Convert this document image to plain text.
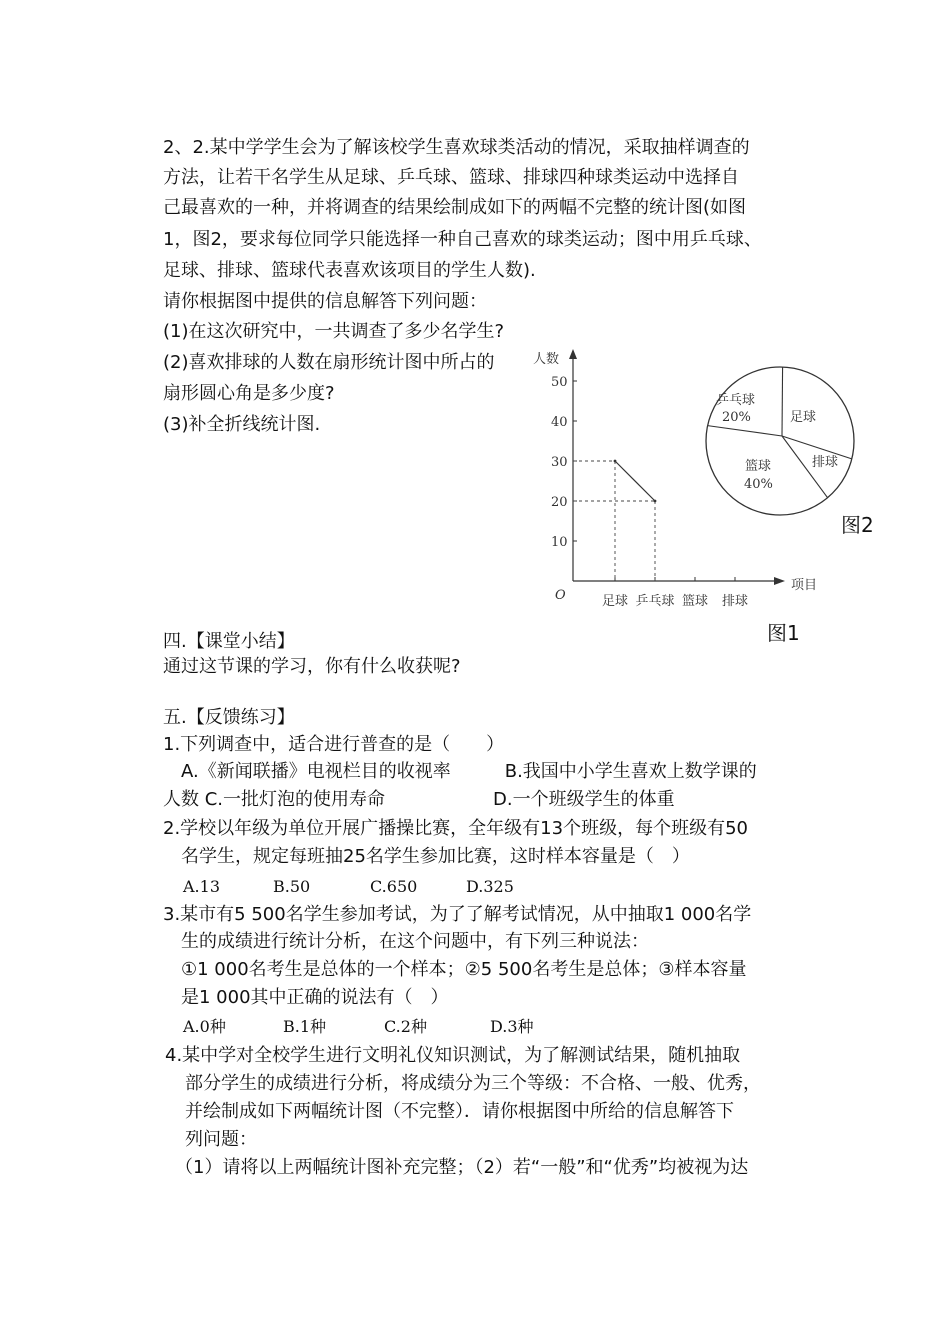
2、2.某中学学生会为了解该校学生喜欢球类活动的情况，采取抽样调查的
方法，让若干名学生从足球、乒乓球、篮球、排球四种球类运动中选择自
己最喜欢的一种，并将调查的结果绘制成如下的两幅不完整的统计图(如图
1，图2，要求每位同学只能选择一种自己喜欢的球类运动；图中用乒乓球、
足球、排球、篮球代表喜欢该项目的学生人数).
请你根据图中提供的信息解答下列问题：
(1)在这次研究中，一共调查了多少名学生?
(2)喜欢排球的人数在扇形统计图中所占的
扇形圆心角是多少度?
(3)补全折线统计图.
人数
项目
O
10
20
30
40
50
足球 乒乓球 篮球 排球
图1
乒乓球
20%	足球
排球
篮球
40%
图2
四.【课堂小结】
通过这节课的学习，你有什么收获呢?
五.【反馈练习】
1.下列调查中，适合进行普查的是（　　）
A.《新闻联播》电视栏目的收视率　　　B.我国中小学生喜欢上数学课的
人数 C.一批灯泡的使用寿命　　　　　　D.一个班级学生的体重
2.学校以年级为单位开展广播操比赛，全年级有13个班级，每个班级有50
名学生，规定每班抽25名学生参加比赛，这时样本容量是（　）
A.13	B.50	C.650	D.325
3.某市有5 500名学生参加考试，为了了解考试情况，从中抽取1 000名学
生的成绩进行统计分析，在这个问题中，有下列三种说法：
①1 000名考生是总体的一个样本；②5 500名考生是总体；③样本容量
是1 000其中正确的说法有（　）
A.0种	B.1种	C.2种	D.3种
4.某中学对全校学生进行文明礼仪知识测试，为了解测试结果，随机抽取
部分学生的成绩进行分析，将成绩分为三个等级：不合格、一般、优秀，
并绘制成如下两幅统计图（不完整）．请你根据图中所给的信息解答下
列问题：
（1）请将以上两幅统计图补充完整；（2）若“一般”和“优秀”均被视为达
